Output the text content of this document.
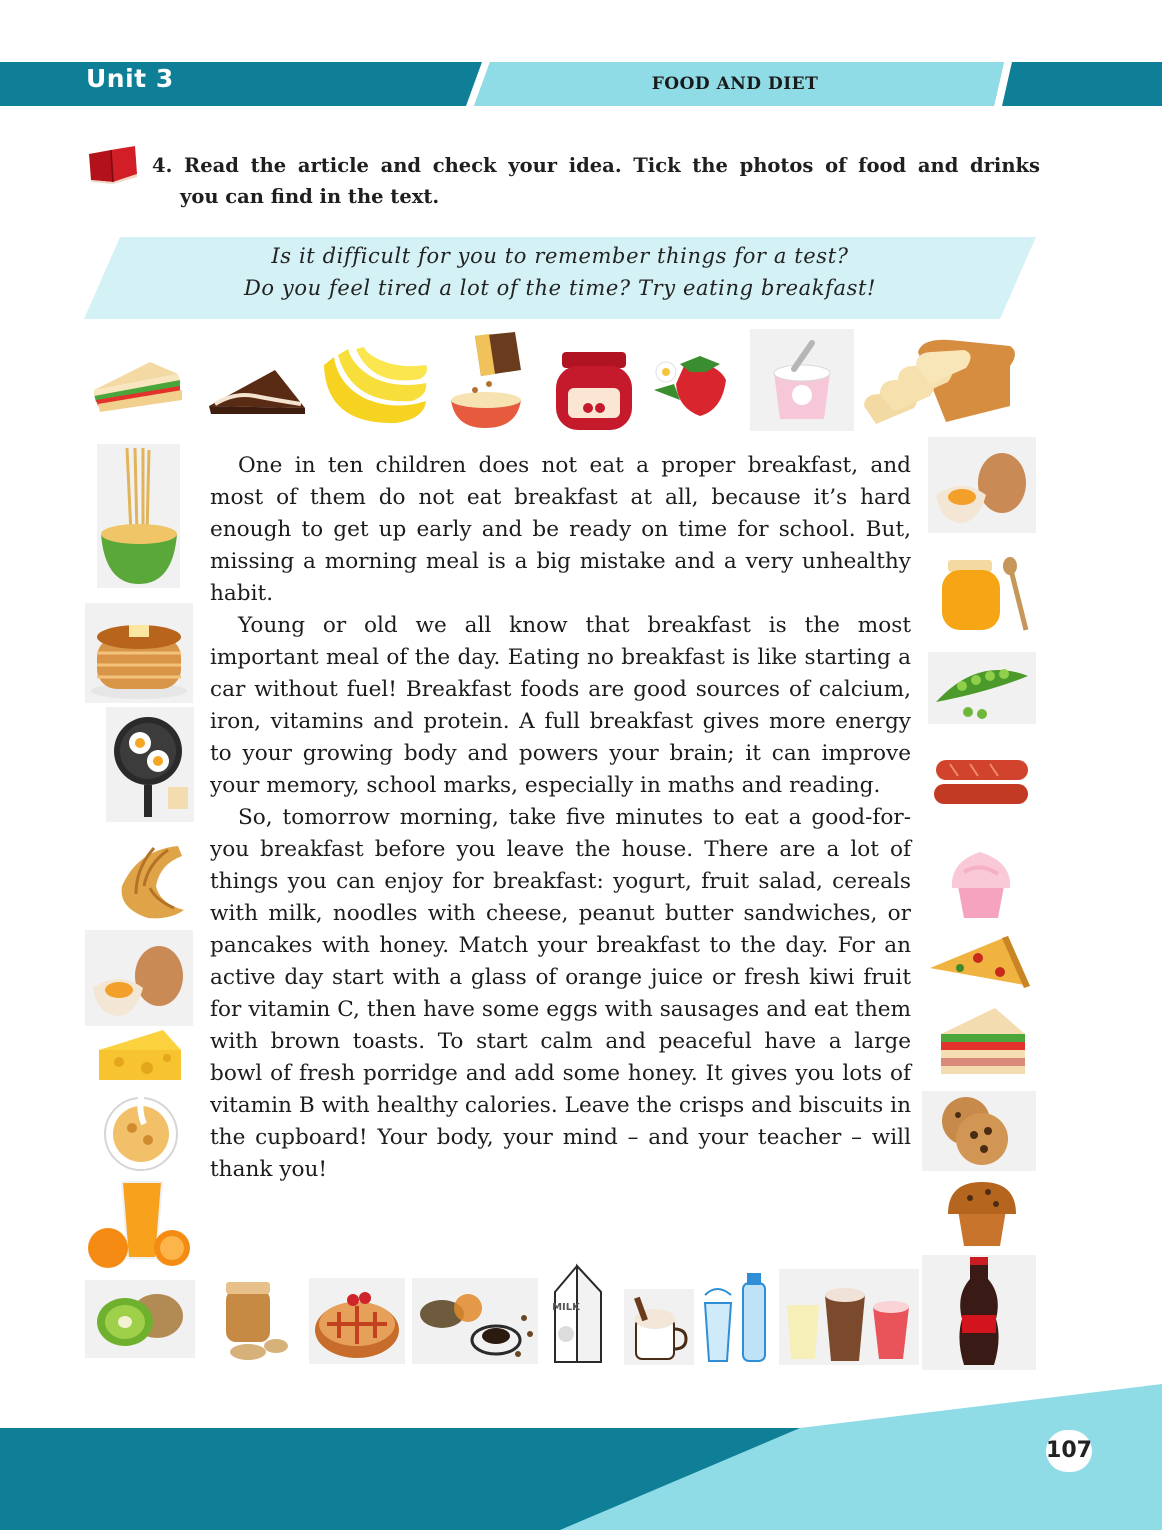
Unit 3	FOOD AND DIET
4. Read the article and check your idea. Tick the photos of food and drinks
you can find in the text.
Is it difficult for you to remember things for a test?
Do you feel tired a lot of the time? Try eating breakfast!
MILK

One in ten children does not eat a proper breakfast, and most of them do not eat breakfast at all, because it’s hard enough to get up early and be ready on time for school. But, missing a morning meal is a big mistake and a very unhealthy habit.

Young or old we all know that breakfast is the most important meal of the day. Eating no breakfast is like starting a car without fuel! Breakfast foods are good sources of calcium, iron, vitamins and protein. A full breakfast gives more energy to your growing body and powers your brain; it can improve your memory, school marks, especially in maths and reading.

So, tomorrow morning, take five minutes to eat a good-for-you breakfast before you leave the house. There are a lot of things you can enjoy for breakfast: yogurt, fruit salad, cereals with milk, noodles with cheese, peanut butter sandwiches, or pancakes with honey. Match your breakfast to the day. For an active day start with a glass of orange juice or fresh kiwi fruit for vitamin C, then have some eggs with sausages and eat them with brown toasts. To start calm and peaceful have a large bowl of fresh porridge and add some honey. It gives you lots of vitamin B with healthy calories. Leave the crisps and biscuits in the cupboard! Your body, your mind – and your teacher – will thank you!

107
